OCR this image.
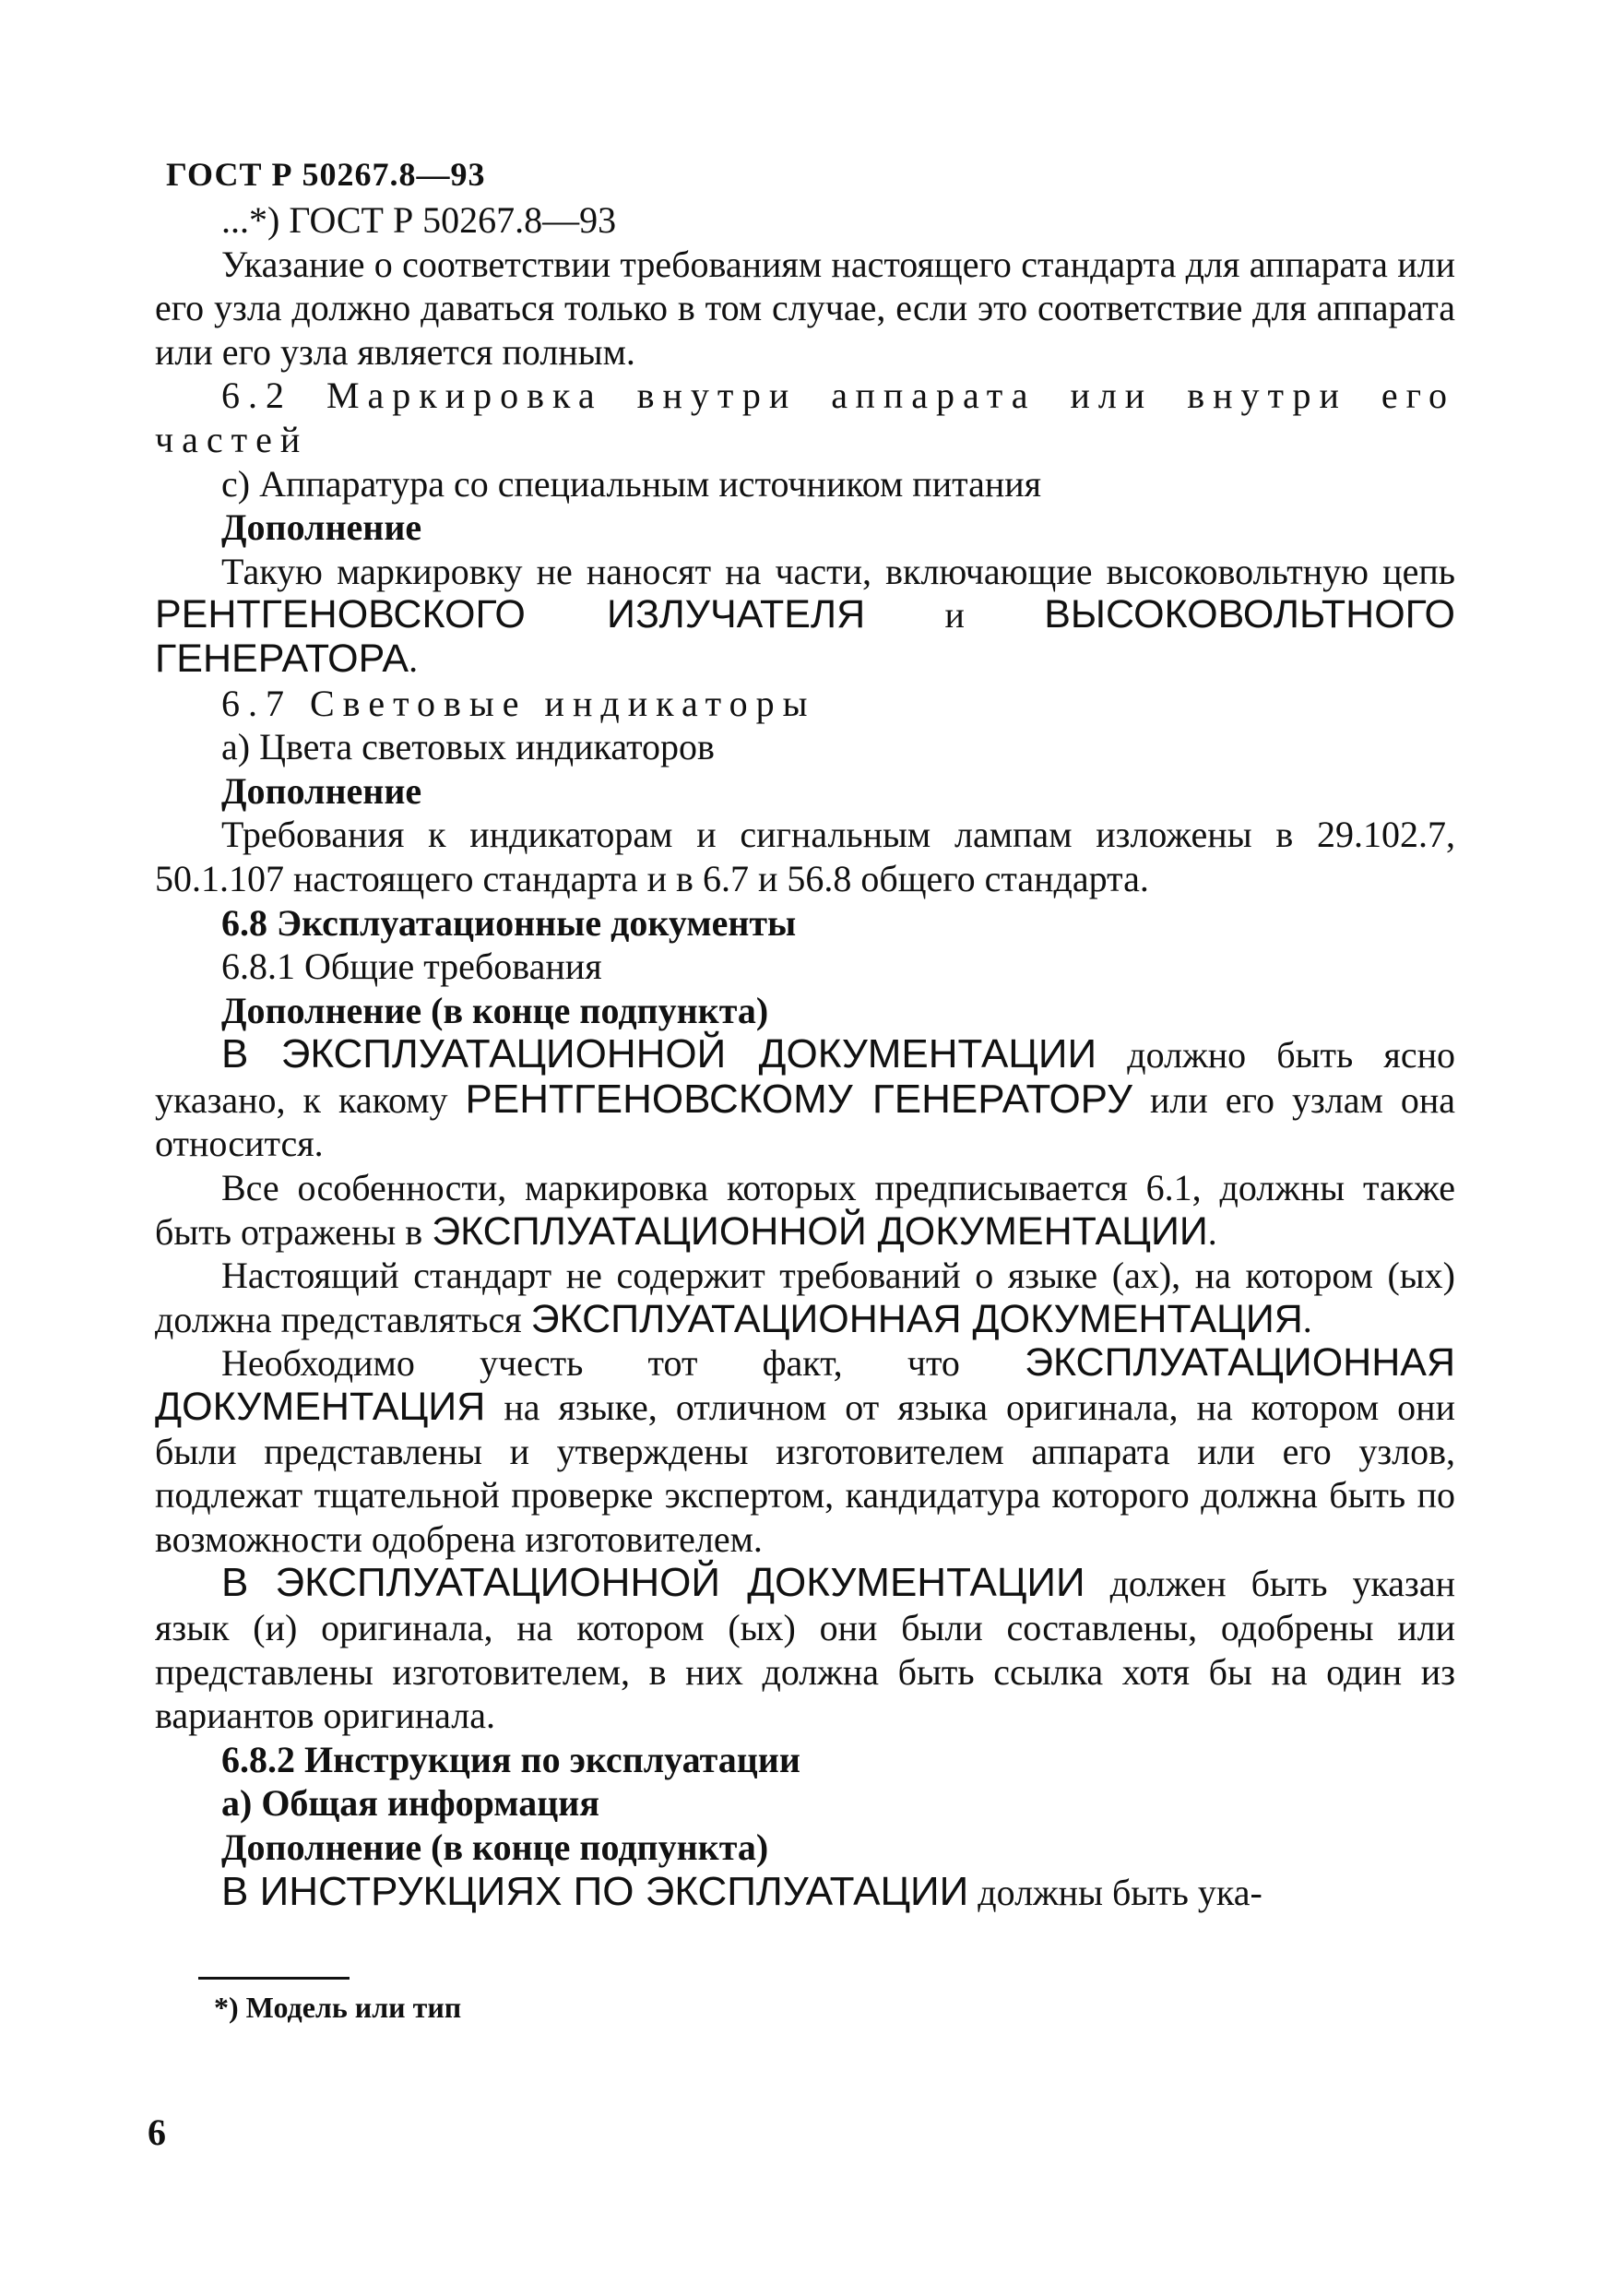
ГОСТ Р 50267.8—93

...*) ГОСТ Р 50267.8—93

Указание о соответствии требованиям настоящего стандарта для аппарата или его узла должно даваться только в том случае, если это соответствие для аппарата или его узла является полным.

6.2 Маркировка внутри аппарата или внутри его частей

с) Аппаратура со специальным источником питания

Дополнение

Такую маркировку не наносят на части, включающие высоковольтную цепь РЕНТГЕНОВСКОГО ИЗЛУЧАТЕЛЯ и ВЫСОКОВОЛЬТНОГО ГЕНЕРАТОРА.

6.7 Световые индикаторы

а) Цвета световых индикаторов

Дополнение

Требования к индикаторам и сигнальным лампам изложены в 29.102.7, 50.1.107 настоящего стандарта и в 6.7 и 56.8 общего стандарта.

6.8 Эксплуатационные документы

6.8.1 Общие требования

Дополнение (в конце подпункта)

В ЭКСПЛУАТАЦИОННОЙ ДОКУМЕНТАЦИИ должно быть ясно указано, к какому РЕНТГЕНОВСКОМУ ГЕНЕРАТОРУ или его узлам она относится.

Все особенности, маркировка которых предписывается 6.1, должны также быть отражены в ЭКСПЛУАТАЦИОННОЙ ДОКУМЕНТАЦИИ.

Настоящий стандарт не содержит требований о языке (ах), на котором (ых) должна представляться ЭКСПЛУАТАЦИОННАЯ ДОКУМЕНТАЦИЯ.

Необходимо учесть тот факт, что ЭКСПЛУАТАЦИОННАЯ ДОКУМЕНТАЦИЯ на языке, отличном от языка оригинала, на котором они были представлены и утверждены изготовителем аппарата или его узлов, подлежат тщательной проверке экспертом, кандидатура которого должна быть по возможности одобрена изготовителем.

В ЭКСПЛУАТАЦИОННОЙ ДОКУМЕНТАЦИИ должен быть указан язык (и) оригинала, на котором (ых) они были составлены, одобрены или представлены изготовителем, в них должна быть ссылка хотя бы на один из вариантов оригинала.

6.8.2 Инструкция по эксплуатации

а) Общая информация

Дополнение (в конце подпункта)

В ИНСТРУКЦИЯХ ПО ЭКСПЛУАТАЦИИ должны быть ука-

*) Модель или тип
6
